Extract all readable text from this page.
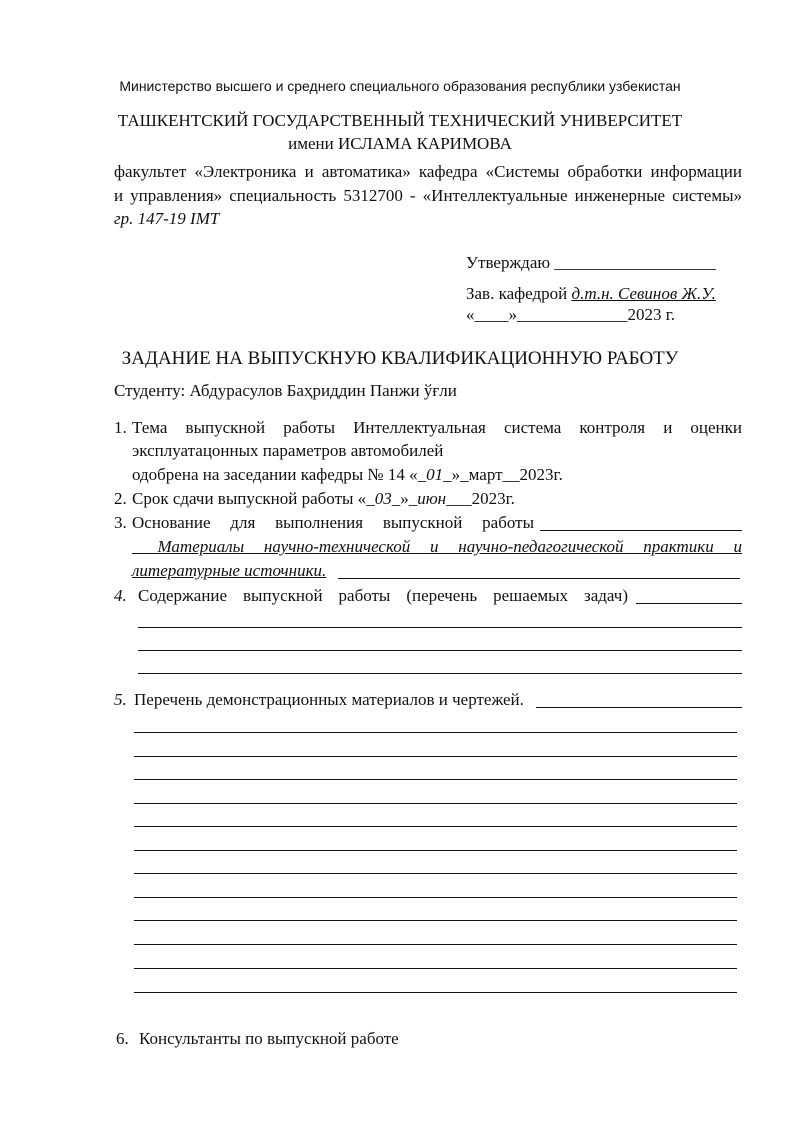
Министерство высшего и среднего специального образования республики узбекистан
ТАШКЕНТСКИЙ ГОСУДАРСТВЕННЫЙ ТЕХНИЧЕСКИЙ УНИВЕРСИТЕТ
имени ИСЛАМА КАРИМОВА
факультет «Электроника и автоматика» кафедра «Системы обработки информации
и управления» специальность 5312700 - «Интеллектуальные инженерные системы»
гр. 147-19 IMT
Утверждаю ___________________
Зав. кафедрой д.т.н. Севинов Ж.У.
«____»_____________2023 г.
ЗАДАНИЕ НА ВЫПУСКНУЮ КВАЛИФИКАЦИОННУЮ РАБОТУ
Студенту: Абдурасулов Баҳриддин Панжи ўғли
1. Тема выпускной работы Интеллектуальная система контроля и оценки
эксплуатацонных параметров автомобилей
одобрена на заседании кафедры № 14 «_01_»_март__2023г.
2. Срок сдачи выпускной работы «_03_»_июн___2023г.
3. Основание для выполнения выпускной работы
___Материалы научно-технической и научно-педагогической практики и
литературные источники.
4. Содержание выпускной работы (перечень решаемых задач)
5. Перечень демонстрационных материалов и чертежей.
6. Консультанты по выпускной работе
